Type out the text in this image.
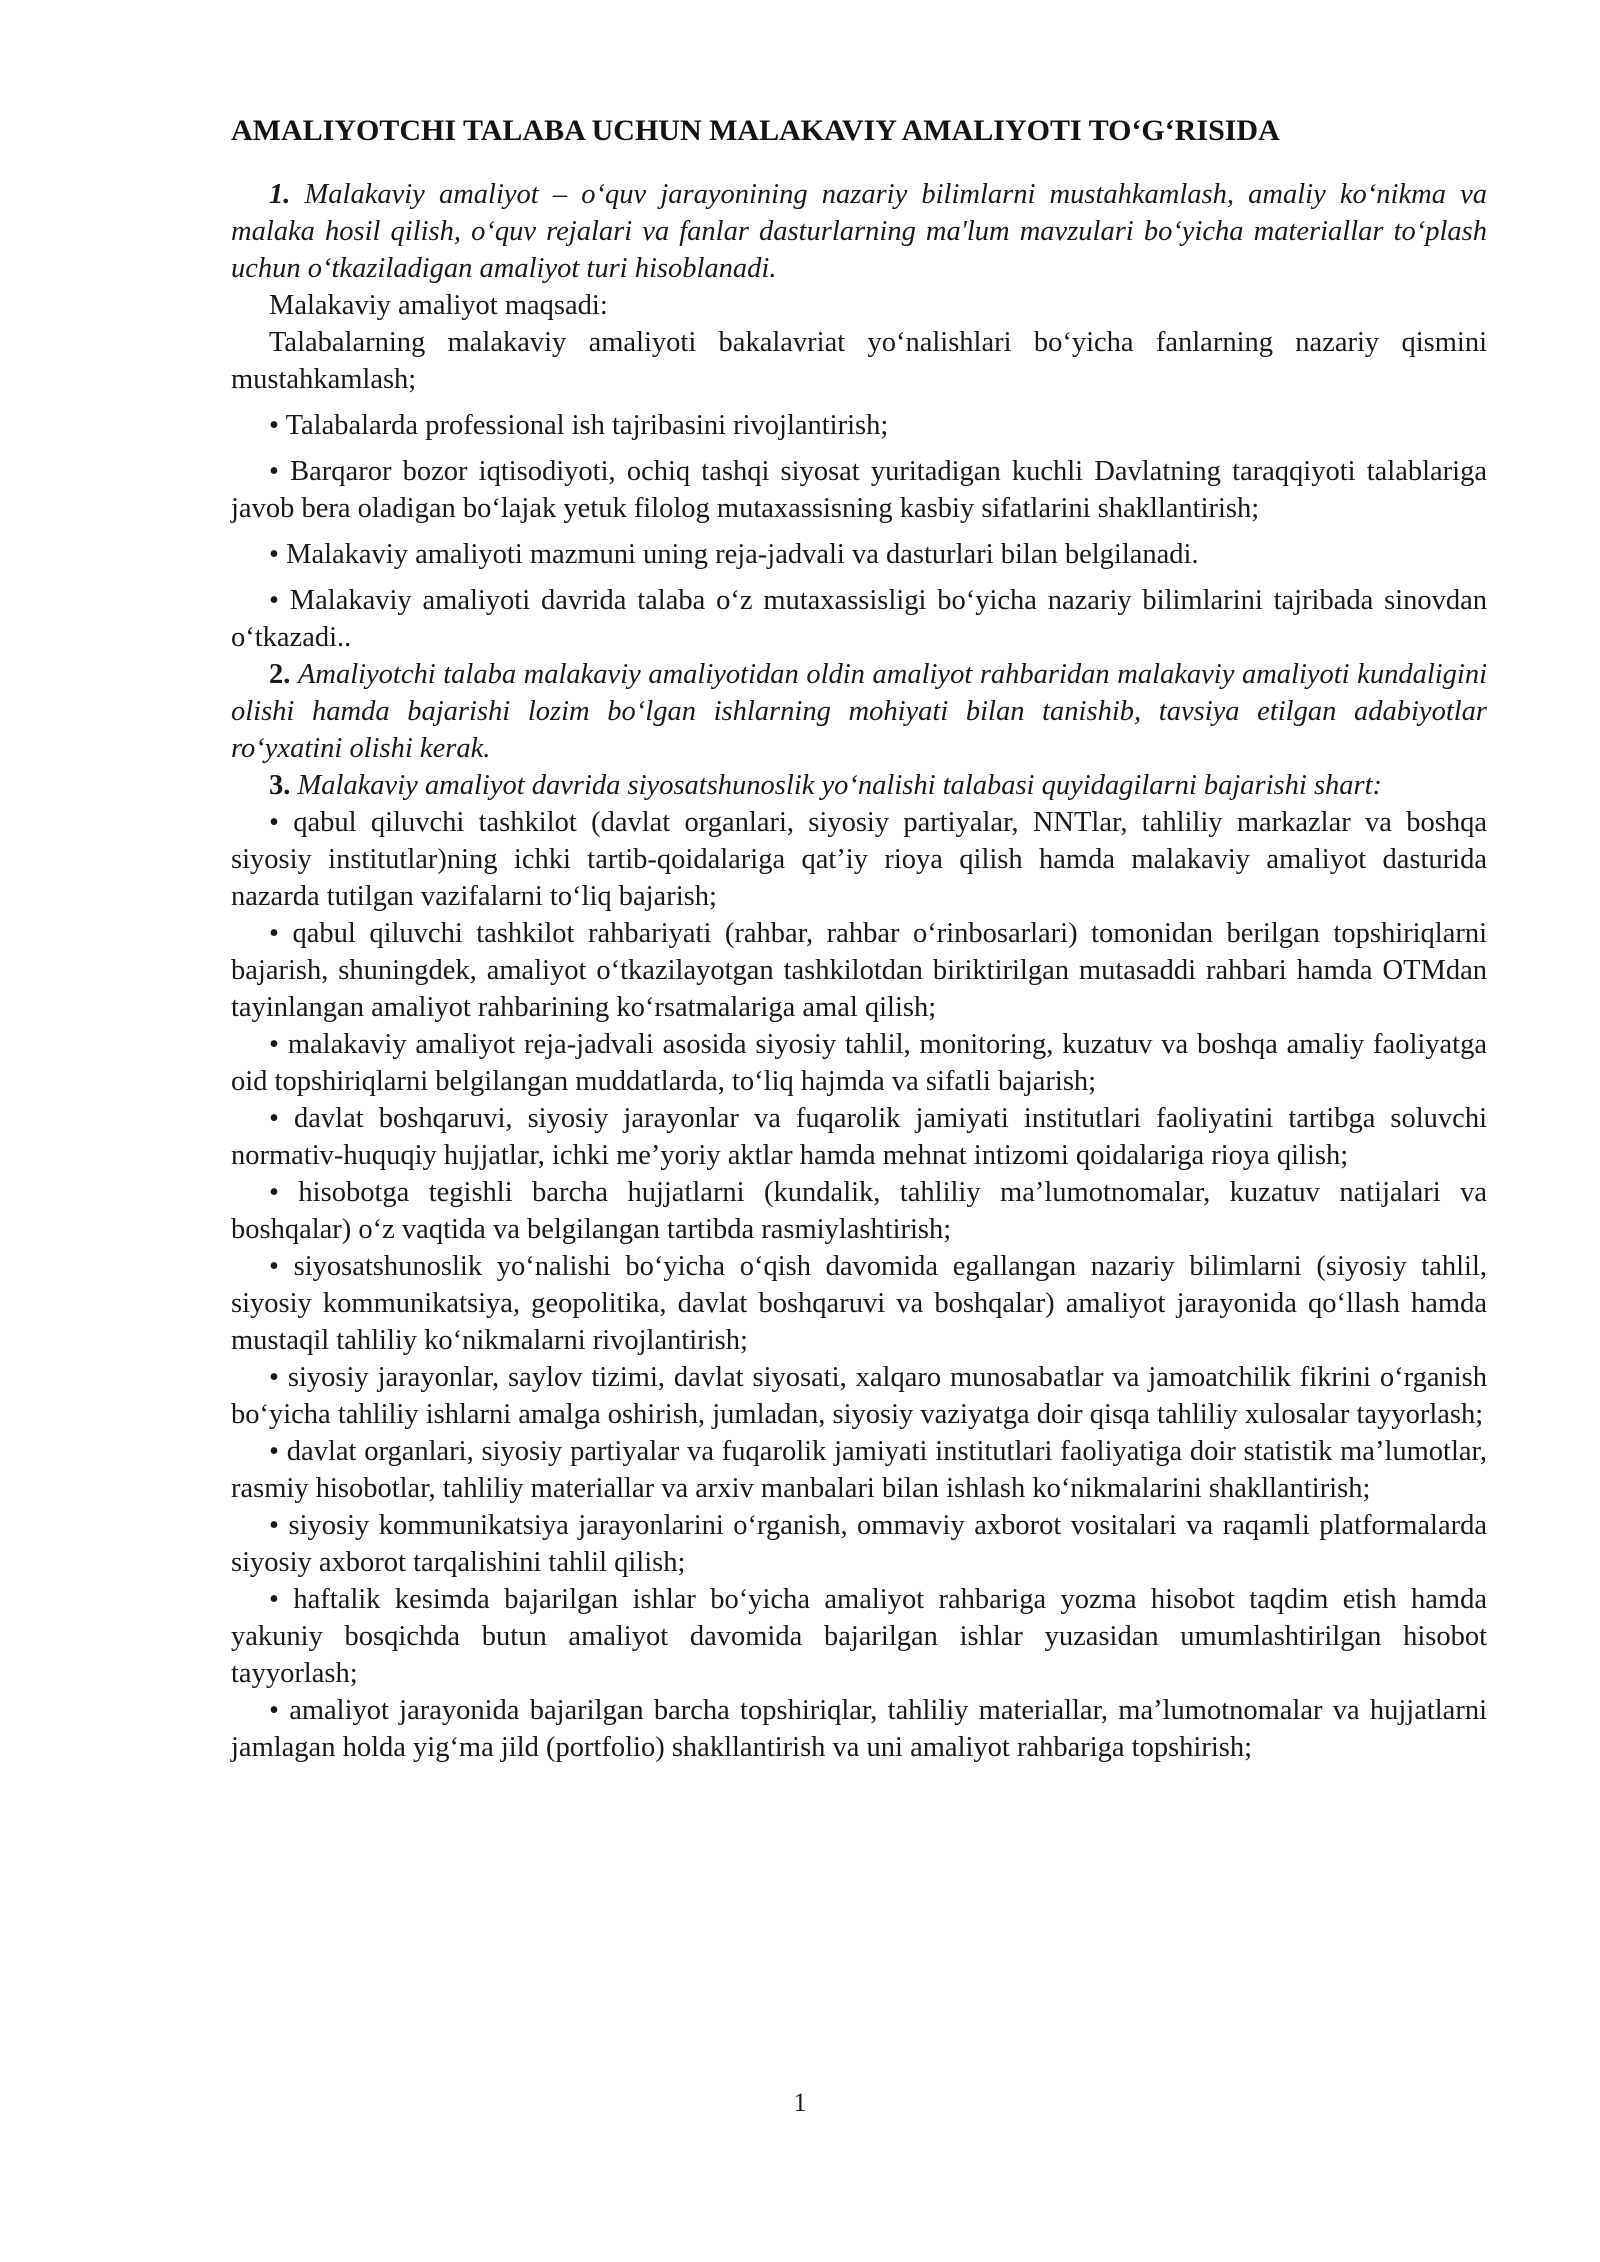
AMALIYOTCHI TALABA UCHUN MALAKAVIY AMALIYOTI TO‘G‘RISIDA

1. Malakaviy amaliyot – o‘quv jarayonining nazariy bilimlarni mustahkamlash, amaliy ko‘nikma va malaka hosil qilish, o‘quv rejalari va fanlar dasturlarning ma'lum mavzulari bo‘yicha materiallar to‘plash uchun o‘tkaziladigan amaliyot turi hisoblanadi.

Malakaviy amaliyot maqsadi:

Talabalarning malakaviy amaliyoti bakalavriat yo‘nalishlari bo‘yicha fanlarning nazariy qismini mustahkamlash;

• Talabalarda professional ish tajribasini rivojlantirish;

• Barqaror bozor iqtisodiyoti, ochiq tashqi siyosat yuritadigan kuchli Davlatning taraqqiyoti talablariga javob bera oladigan bo‘lajak yetuk filolog mutaxassisning kasbiy sifatlarini shakllantirish;

• Malakaviy amaliyoti mazmuni uning reja-jadvali va dasturlari bilan belgilanadi.

• Malakaviy amaliyoti davrida talaba o‘z mutaxassisligi bo‘yicha nazariy bilimlarini tajribada sinovdan o‘tkazadi..

2. Amaliyotchi talaba malakaviy amaliyotidan oldin amaliyot rahbaridan malakaviy amaliyoti kundaligini olishi hamda bajarishi lozim bo‘lgan ishlarning mohiyati bilan tanishib, tavsiya etilgan adabiyotlar ro‘yxatini olishi kerak.

3. Malakaviy amaliyot davrida siyosatshunoslik yo‘nalishi talabasi quyidagilarni bajarishi shart:

• qabul qiluvchi tashkilot (davlat organlari, siyosiy partiyalar, NNTlar, tahliliy markazlar va boshqa siyosiy institutlar)ning ichki tartib-qoidalariga qat’iy rioya qilish hamda malakaviy amaliyot dasturida nazarda tutilgan vazifalarni to‘liq bajarish;

• qabul qiluvchi tashkilot rahbariyati (rahbar, rahbar o‘rinbosarlari) tomonidan berilgan topshiriqlarni bajarish, shuningdek, amaliyot o‘tkazilayotgan tashkilotdan biriktirilgan mutasaddi rahbari hamda OTMdan tayinlangan amaliyot rahbarining ko‘rsatmalariga amal qilish;

• malakaviy amaliyot reja-jadvali asosida siyosiy tahlil, monitoring, kuzatuv va boshqa amaliy faoliyatga oid topshiriqlarni belgilangan muddatlarda, to‘liq hajmda va sifatli bajarish;

• davlat boshqaruvi, siyosiy jarayonlar va fuqarolik jamiyati institutlari faoliyatini tartibga soluvchi normativ-huquqiy hujjatlar, ichki me’yoriy aktlar hamda mehnat intizomi qoidalariga rioya qilish;

• hisobotga tegishli barcha hujjatlarni (kundalik, tahliliy ma’lumotnomalar, kuzatuv natijalari va boshqalar) o‘z vaqtida va belgilangan tartibda rasmiylashtirish;

• siyosatshunoslik yo‘nalishi bo‘yicha o‘qish davomida egallangan nazariy bilimlarni (siyosiy tahlil, siyosiy kommunikatsiya, geopolitika, davlat boshqaruvi va boshqalar) amaliyot jarayonida qo‘llash hamda mustaqil tahliliy ko‘nikmalarni rivojlantirish;

• siyosiy jarayonlar, saylov tizimi, davlat siyosati, xalqaro munosabatlar va jamoatchilik fikrini o‘rganish bo‘yicha tahliliy ishlarni amalga oshirish, jumladan, siyosiy vaziyatga doir qisqa tahliliy xulosalar tayyorlash;

• davlat organlari, siyosiy partiyalar va fuqarolik jamiyati institutlari faoliyatiga doir statistik ma’lumotlar, rasmiy hisobotlar, tahliliy materiallar va arxiv manbalari bilan ishlash ko‘nikmalarini shakllantirish;

• siyosiy kommunikatsiya jarayonlarini o‘rganish, ommaviy axborot vositalari va raqamli platformalarda siyosiy axborot tarqalishini tahlil qilish;

• haftalik kesimda bajarilgan ishlar bo‘yicha amaliyot rahbariga yozma hisobot taqdim etish hamda yakuniy bosqichda butun amaliyot davomida bajarilgan ishlar yuzasidan umumlashtirilgan hisobot tayyorlash;

• amaliyot jarayonida bajarilgan barcha topshiriqlar, tahliliy materiallar, ma’lumotnomalar va hujjatlarni jamlagan holda yig‘ma jild (portfolio) shakllantirish va uni amaliyot rahbariga topshirish;

1
